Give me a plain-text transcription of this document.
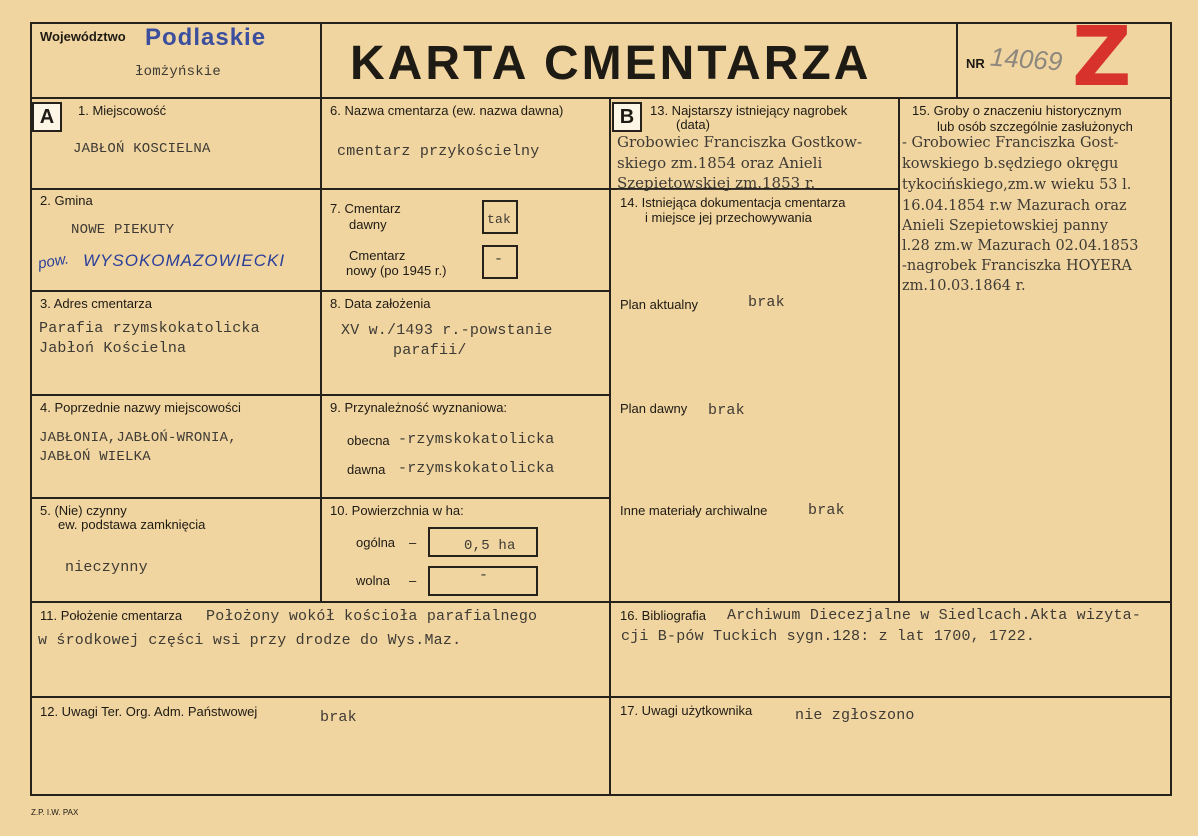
Województwo Podlaskie
łomżyńskie	KARTA CMENTARZA	NR 14069 Z
A	1. Miejscowość
JABŁOŃ KOSCIELNA
2. Gmina
NOWE PIEKUTY
pow. WYSOKOMAZOWIECKI
3. Adres cmentarza
Parafia rzymskokatolicka
Jabłoń Kościelna
4. Poprzednie nazwy miejscowości
JABŁONIA,JABŁOŃ-WRONIA,
JABŁOŃ WIELKA
5. (Nie) czynny
ew. podstawa zamknięcia
nieczynny
6. Nazwa cmentarza (ew. nazwa dawna)
cmentarz przykościelny
7. Cmentarz
dawny	tak
Cmentarz
nowy (po 1945 r.)
-
8. Data założenia
XV w./1493 r.-powstanie
parafii/
9. Przynależność wyznaniowa:
obecna -rzymskokatolicka
dawna -rzymskokatolicka
10. Powierzchnia w ha:
ogólna –	0,5 ha
wolna –	-
B	13. Najstarszy istniejący nagrobek
(data)
Grobowiec Franciszka Gostkow-
skiego zm.1854 oraz Anieli
Szepietowskiej zm.1853 r.
14. Istniejąca dokumentacja cmentarza
i miejsce jej przechowywania
Plan aktualny	brak
Plan dawny brak
Inne materiały archiwalne	brak
15. Groby o znaczeniu historycznym
lub osób szczególnie zasłużonych
- Grobowiec Franciszka Gost-
kowskiego b.sędziego okręgu
tykocińskiego,zm.w wieku 53 l.
16.04.1854 r.w Mazurach oraz
Anieli Szepietowskiej panny
l.28 zm.w Mazurach 02.04.1853
-nagrobek Franciszka HOYERA
zm.10.03.1864 r.
11. Położenie cmentarza Położony wokół kościoła parafialnego
w środkowej części wsi przy drodze do Wys.Maz.
12. Uwagi Ter. Org. Adm. Państwowej	brak
16. Bibliografia Archiwum Diecezjalne w Siedlcach.Akta wizyta-
cji B-pów Tuckich sygn.128: z lat 1700, 1722.
17. Uwagi użytkownika	nie zgłoszono
Z.P. I.W. PAX
